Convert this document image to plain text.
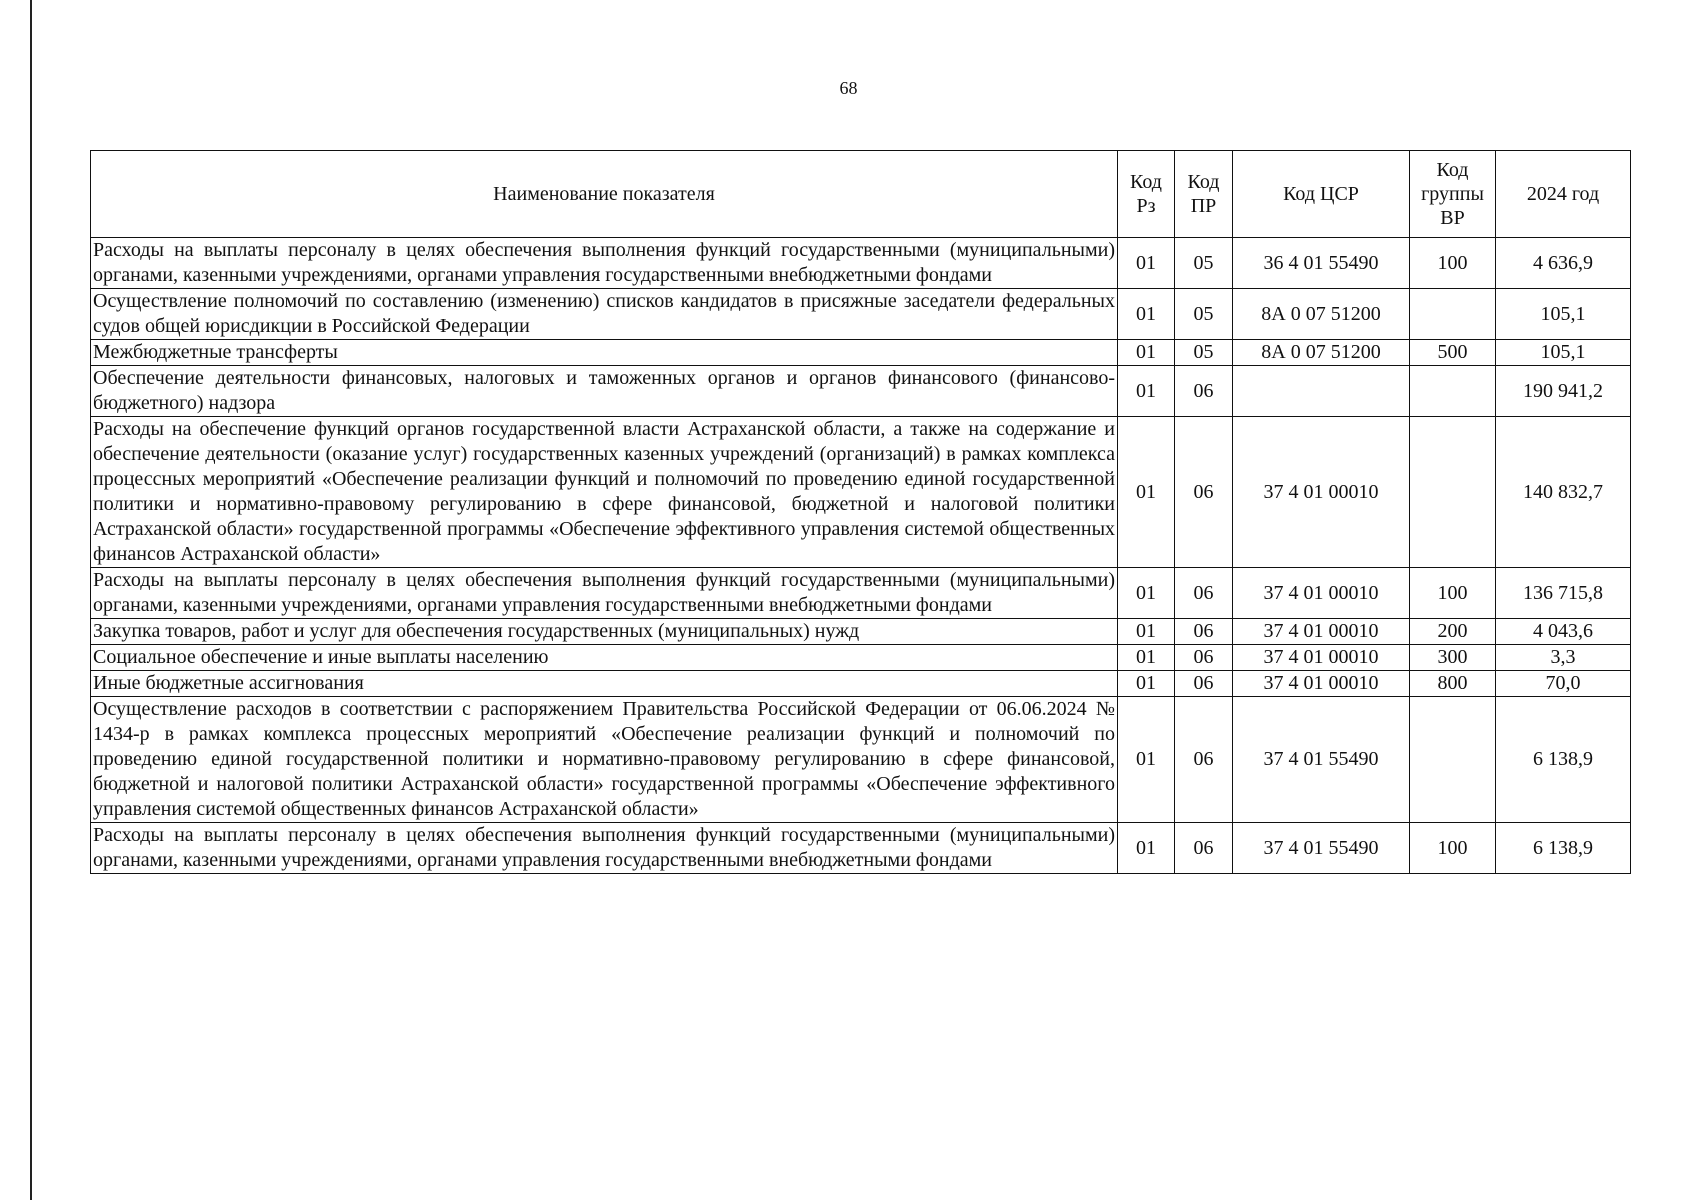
68
Наименование показателя	Код Рз	Код ПР	Код ЦСР	Код группы ВР	2024 год
Расходы на выплаты персоналу в целях обеспечения выполнения функций государственными (муниципальными) органами, казенными учреждениями, органами управления государственными внебюджетными фондами	01	05	36 4 01 55490	100	4 636,9
Осуществление полномочий по составлению (изменению) списков кандидатов в присяжные заседатели федеральных судов общей юрисдикции в Российской Федерации	01	05	8А 0 07 51200		105,1
Межбюджетные трансферты	01	05	8А 0 07 51200	500	105,1
Обеспечение деятельности финансовых, налоговых и таможенных органов и органов финансового (финансово-бюджетного) надзора	01	06			190 941,2
Расходы на обеспечение функций органов государственной власти Астраханской области, а также на содержание и обеспечение деятельности (оказание услуг) государственных казенных учреждений (организаций) в рамках комплекса процессных мероприятий «Обеспечение реализации функций и полномочий по проведению единой государственной политики и нормативно-правовому регулированию в сфере финансовой, бюджетной и налоговой политики Астраханской области» государственной программы «Обеспечение эффективного управления системой общественных финансов Астраханской области»	01	06	37 4 01 00010		140 832,7
Расходы на выплаты персоналу в целях обеспечения выполнения функций государственными (муниципальными) органами, казенными учреждениями, органами управления государственными внебюджетными фондами	01	06	37 4 01 00010	100	136 715,8
Закупка товаров, работ и услуг для обеспечения государственных (муниципальных) нужд	01	06	37 4 01 00010	200	4 043,6
Социальное обеспечение и иные выплаты населению	01	06	37 4 01 00010	300	3,3
Иные бюджетные ассигнования	01	06	37 4 01 00010	800	70,0
Осуществление расходов в соответствии с распоряжением Правительства Российской Федерации от 06.06.2024 № 1434-р в рамках комплекса процессных мероприятий «Обеспечение реализации функций и полномочий по проведению единой государственной политики и нормативно-правовому регулированию в сфере финансовой, бюджетной и налоговой политики Астраханской области» государственной программы «Обеспечение эффективного управления системой общественных финансов Астраханской области»	01	06	37 4 01 55490		6 138,9
Расходы на выплаты персоналу в целях обеспечения выполнения функций государственными (муниципальными) органами, казенными учреждениями, органами управления государственными внебюджетными фондами	01	06	37 4 01 55490	100	6 138,9
